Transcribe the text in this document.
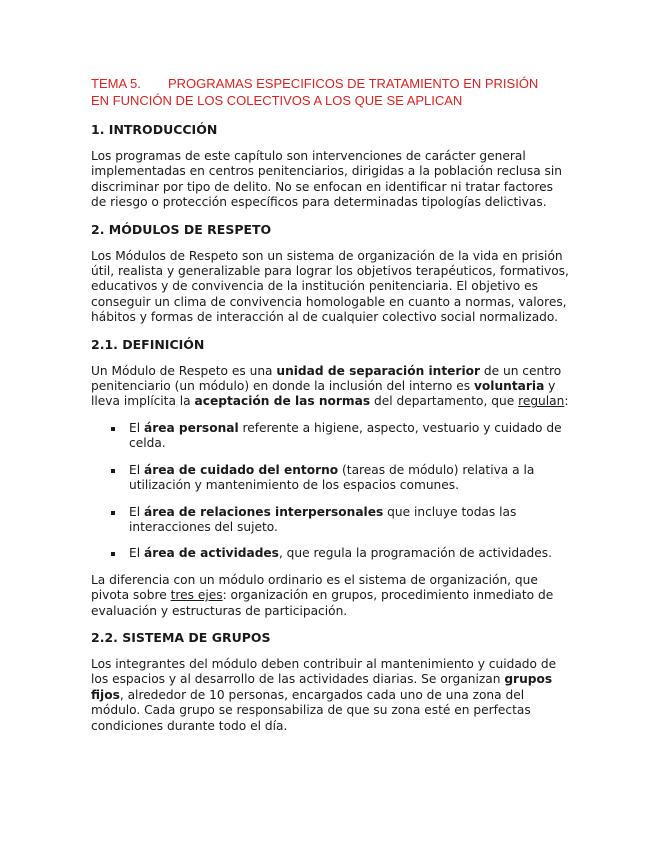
TEMA 5. PROGRAMAS ESPECIFICOS DE TRATAMIENTO EN PRISIÓN
EN FUNCIÓN DE LOS COLECTIVOS A LOS QUE SE APLICAN
1. INTRODUCCIÓN

Los programas de este capítulo son intervenciones de carácter general implementadas en centros penitenciarios, dirigidas a la población reclusa sin discriminar por tipo de delito. No se enfocan en identificar ni tratar factores de riesgo o protección específicos para determinadas tipologías delictivas.

2. MÓDULOS DE RESPETO

Los Módulos de Respeto son un sistema de organización de la vida en prisión útil, realista y generalizable para lograr los objetivos terapéuticos, formativos, educativos y de convivencia de la institución penitenciaria. El objetivo es conseguir un clima de convivencia homologable en cuanto a normas, valores, hábitos y formas de interacción al de cualquier colectivo social normalizado.

2.1. DEFINICIÓN

Un Módulo de Respeto es una unidad de separación interior de un centro penitenciario (un módulo) en donde la inclusión del interno es voluntaria y lleva implícita la aceptación de las normas del departamento, que regulan:

El área personal referente a higiene, aspecto, vestuario y cuidado de celda.
El área de cuidado del entorno (tareas de módulo) relativa a la utilización y mantenimiento de los espacios comunes.
El área de relaciones interpersonales que incluye todas las interacciones del sujeto.
El área de actividades, que regula la programación de actividades.

La diferencia con un módulo ordinario es el sistema de organización, que pivota sobre tres ejes: organización en grupos, procedimiento inmediato de evaluación y estructuras de participación.

2.2. SISTEMA DE GRUPOS

Los integrantes del módulo deben contribuir al mantenimiento y cuidado de los espacios y al desarrollo de las actividades diarias. Se organizan grupos fijos, alrededor de 10 personas, encargados cada uno de una zona del módulo. Cada grupo se responsabiliza de que su zona esté en perfectas condiciones durante todo el día.
